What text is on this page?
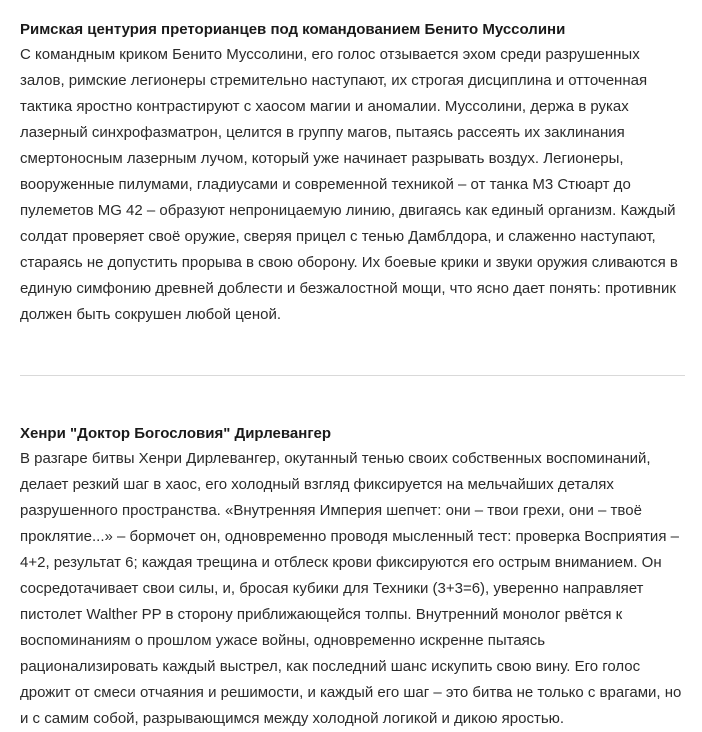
Римская центурия преторианцев под командованием Бенито Муссолини

С командным криком Бенито Муссолини, его голос отзывается эхом среди разрушенных залов, римские легионеры стремительно наступают, их строгая дисциплина и отточенная тактика яростно контрастируют с хаосом магии и аномалии. Муссолини, держа в руках лазерный синхрофазматрон, целится в группу магов, пытаясь рассеять их заклинания смертоносным лазерным лучом, который уже начинает разрывать воздух. Легионеры, вооруженные пилумами, гладиусами и современной техникой – от танка M3 Стюарт до пулеметов MG 42 – образуют непроницаемую линию, двигаясь как единый организм. Каждый солдат проверяет своё оружие, сверяя прицел с тенью Дамблдора, и слаженно наступают, стараясь не допустить прорыва в свою оборону. Их боевые крики и звуки оружия сливаются в единую симфонию древней доблести и безжалостной мощи, что ясно дает понять: противник должен быть сокрушен любой ценой.

Хенри "Доктор Богословия" Дирлевангер

В разгаре битвы Хенри Дирлевангер, окутанный тенью своих собственных воспоминаний, делает резкий шаг в хаос, его холодный взгляд фиксируется на мельчайших деталях разрушенного пространства. «Внутренняя Империя шепчет: они – твои грехи, они – твоё проклятие...» – бормочет он, одновременно проводя мысленный тест: проверка Восприятия – 4+2, результат 6; каждая трещина и отблеск крови фиксируются его острым вниманием. Он сосредотачивает свои силы, и, бросая кубики для Техники (3+3=6), уверенно направляет пистолет Walther PP в сторону приближающейся толпы. Внутренний монолог рвётся к воспоминаниям о прошлом ужасе войны, одновременно искренне пытаясь рационализировать каждый выстрел, как последний шанс искупить свою вину. Его голос дрожит от смеси отчаяния и решимости, и каждый его шаг – это битва не только с врагами, но и с самим собой, разрывающимся между холодной логикой и дикою яростью.
